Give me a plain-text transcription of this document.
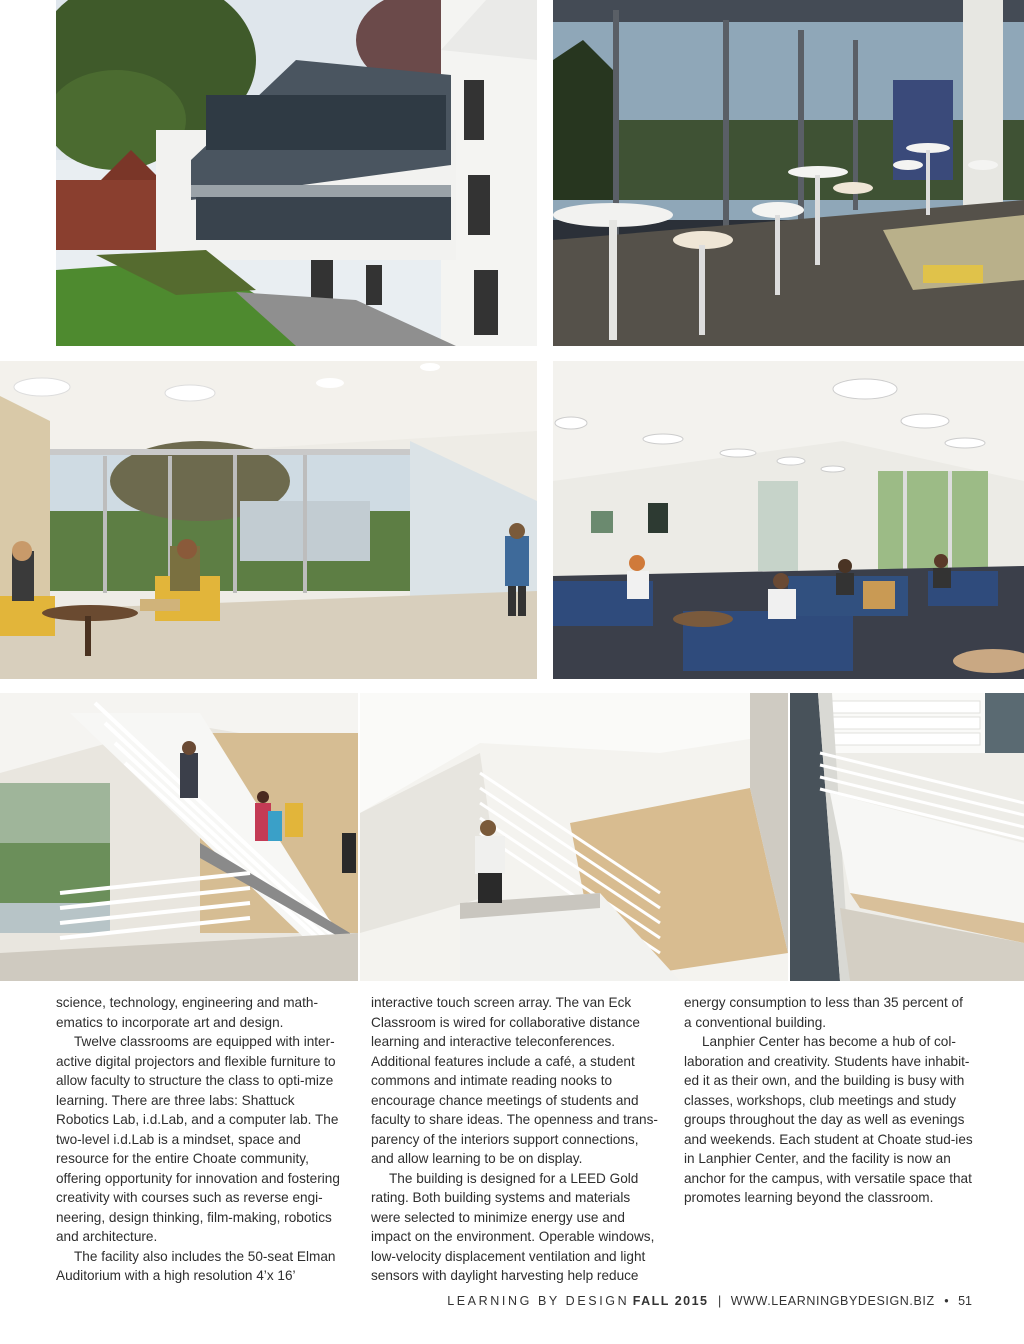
science, technology, engineering and math-ematics to incorporate art and design.

Twelve classrooms are equipped with inter-active digital projectors and flexible furniture to allow faculty to structure the class to opti-mize learning. There are three labs: Shattuck Robotics Lab, i.d.Lab, and a computer lab. The two-level i.d.Lab is a mindset, space and resource for the entire Choate community, offering opportunity for innovation and fostering creativity with courses such as reverse engi-neering, design thinking, film-making, robotics and architecture.

The facility also includes the 50-seat Elman Auditorium with a high resolution 4’x 16’

interactive touch screen array. The van Eck Classroom is wired for collaborative distance learning and interactive teleconferences. Additional features include a café, a student commons and intimate reading nooks to encourage chance meetings of students and faculty to share ideas. The openness and trans-parency of the interiors support connections, and allow learning to be on display.

The building is designed for a LEED Gold rating. Both building systems and materials were selected to minimize energy use and impact on the environment. Operable windows, low-velocity displacement ventilation and light sensors with daylight harvesting help reduce

energy consumption to less than 35 percent of a conventional building.

Lanphier Center has become a hub of col-laboration and creativity. Students have inhabit-ed it as their own, and the building is busy with classes, workshops, club meetings and study groups throughout the day as well as evenings and weekends. Each student at Choate stud-ies in Lanphier Center, and the facility is now an anchor for the campus, with versatile space that promotes learning beyond the classroom.

LEARNING BY DESIGN FALL 2015 | WWW.LEARNINGBYDESIGN.BIZ • 51
